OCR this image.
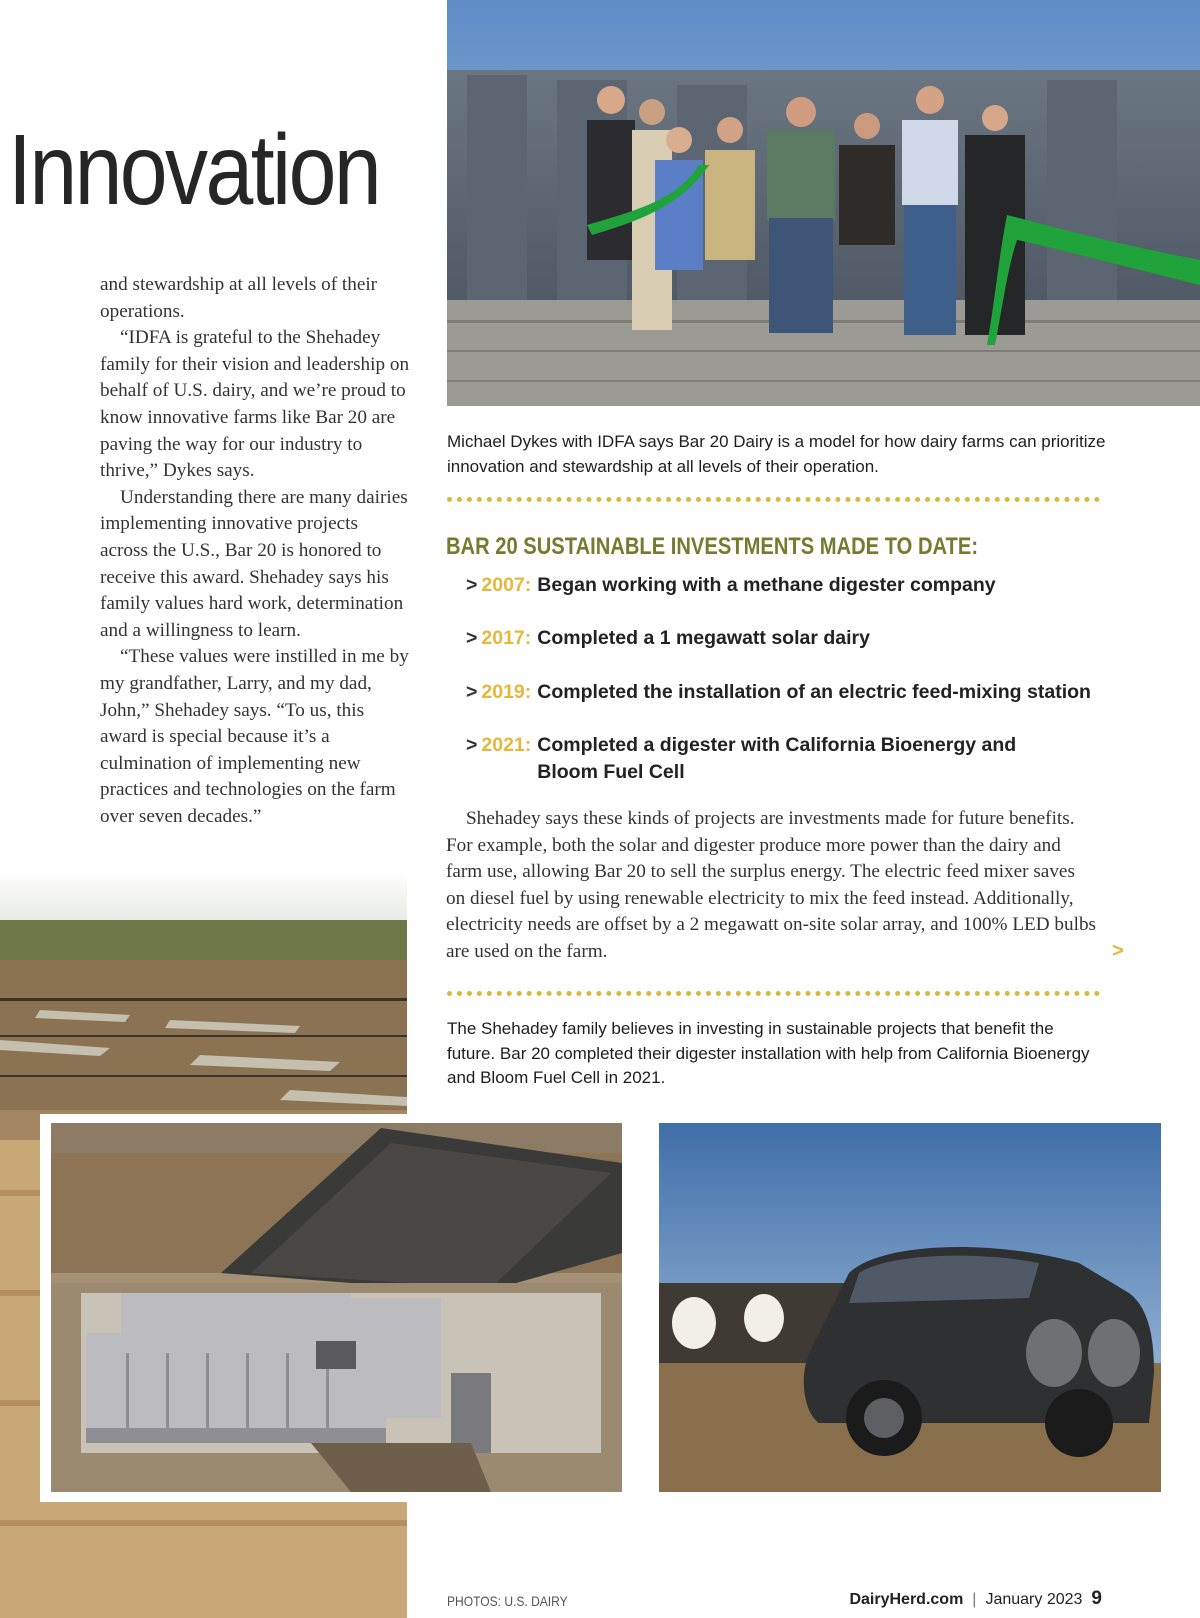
Innovation

and stewardship at all levels of their operations.

“IDFA is grateful to the Shehadey family for their vision and leadership on behalf of U.S. dairy, and we’re proud to know innovative farms like Bar 20 are paving the way for our industry to thrive,” Dykes says.

Understanding there are many dairies implementing innovative projects across the U.S., Bar 20 is honored to receive this award. Shehadey says his family values hard work, determination and a willingness to learn.

“These values were instilled in me by my grandfather, Larry, and my dad, John,” Shehadey says. “To us, this award is special because it’s a culmination of implementing new practices and technologies on the farm over seven decades.”

Michael Dykes with IDFA says Bar 20 Dairy is a model for how dairy farms can prioritize innovation and stewardship at all levels of their operation.
BAR 20 SUSTAINABLE INVESTMENTS MADE TO DATE:
> 2007: Began working with a methane digester company
> 2017: Completed a 1 megawatt solar dairy
> 2019: Completed the installation of an electric feed-mixing station
> 2021: Completed a digester with California Bioenergy and Bloom Fuel Cell

Shehadey says these kinds of projects are investments made for future benefits. For example, both the solar and digester produce more power than the dairy and farm use, allowing Bar 20 to sell the surplus energy. The electric feed mixer saves on diesel fuel by using renewable electricity to mix the feed instead. Additionally, electricity needs are offset by a 2 megawatt on-site solar array, and 100% LED bulbs are used on the farm.	>
The Shehadey family believes in investing in sustainable projects that benefit the future. Bar 20 completed their digester installation with help from California Bioenergy and Bloom Fuel Cell in 2021.
PHOTOS: U.S. DAIRY	DairyHerd.com | January 2023 9
